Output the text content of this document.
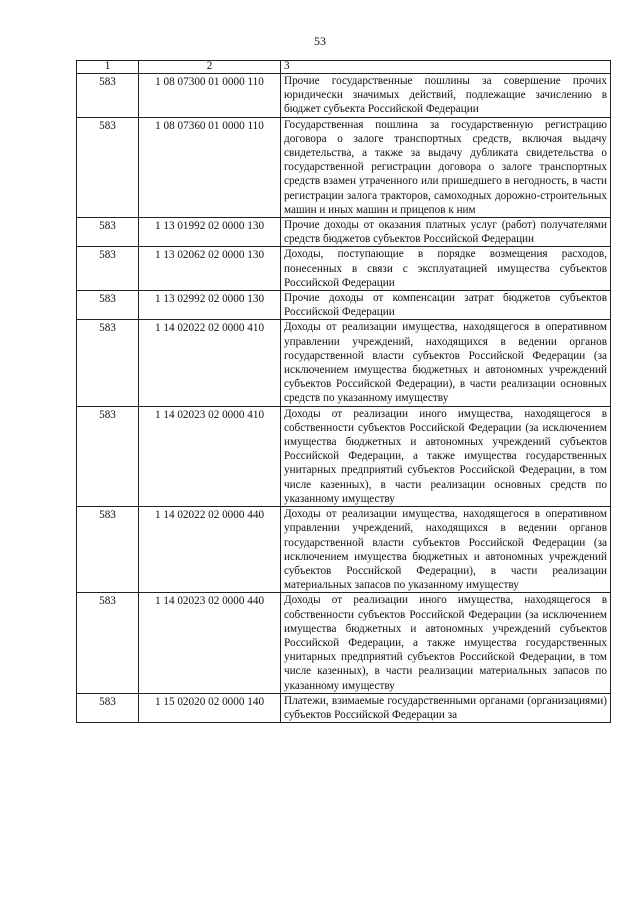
53
1	2	3
583	1 08 07300 01 0000 110	Прочие государственные пошлины за совершение прочих юридически значимых действий, подлежащие зачислению в бюджет субъекта Российской Федерации
583	1 08 07360 01 0000 110	Государственная пошлина за государственную регистрацию договора о залоге транспортных средств, включая выдачу свидетельства, а также за выдачу дубликата свидетельства о государственной регистрации договора о залоге транспортных средств взамен утраченного или пришедшего в негодность, в части регистрации залога тракторов, самоходных дорожно-строительных машин и иных машин и прицепов к ним
583	1 13 01992 02 0000 130	Прочие доходы от оказания платных услуг (работ) получателями средств бюджетов субъектов Российской Федерации
583	1 13 02062 02 0000 130	Доходы, поступающие в порядке возмещения расходов, понесенных в связи с эксплуатацией имущества субъектов Российской Федерации
583	1 13 02992 02 0000 130	Прочие доходы от компенсации затрат бюджетов субъектов Российской Федерации
583	1 14 02022 02 0000 410	Доходы от реализации имущества, находящегося в оперативном управлении учреждений, находящихся в ведении органов государственной власти субъектов Российской Федерации (за исключением имущества бюджетных и автономных учреждений субъектов Российской Федерации), в части реализации основных средств по указанному имуществу
583	1 14 02023 02 0000 410	Доходы от реализации иного имущества, находящегося в собственности субъектов Российской Федерации (за исключением имущества бюджетных и автономных учреждений субъектов Российской Федерации, а также имущества государственных унитарных предприятий субъектов Российской Федерации, в том числе казенных), в части реализации основных средств по указанному имуществу
583	1 14 02022 02 0000 440	Доходы от реализации имущества, находящегося в оперативном управлении учреждений, находящихся в ведении органов государственной власти субъектов Российской Федерации (за исключением имущества бюджетных и автономных учреждений субъектов Российской Федерации), в части реализации материальных запасов по указанному имуществу
583	1 14 02023 02 0000 440	Доходы от реализации иного имущества, находящегося в собственности субъектов Российской Федерации (за исключением имущества бюджетных и автономных учреждений субъектов Российской Федерации, а также имущества государственных унитарных предприятий субъектов Российской Федерации, в том числе казенных), в части реализации материальных запасов по указанному имуществу
583	1 15 02020 02 0000 140	Платежи, взимаемые государственными органами (организациями) субъектов Российской Федерации за
